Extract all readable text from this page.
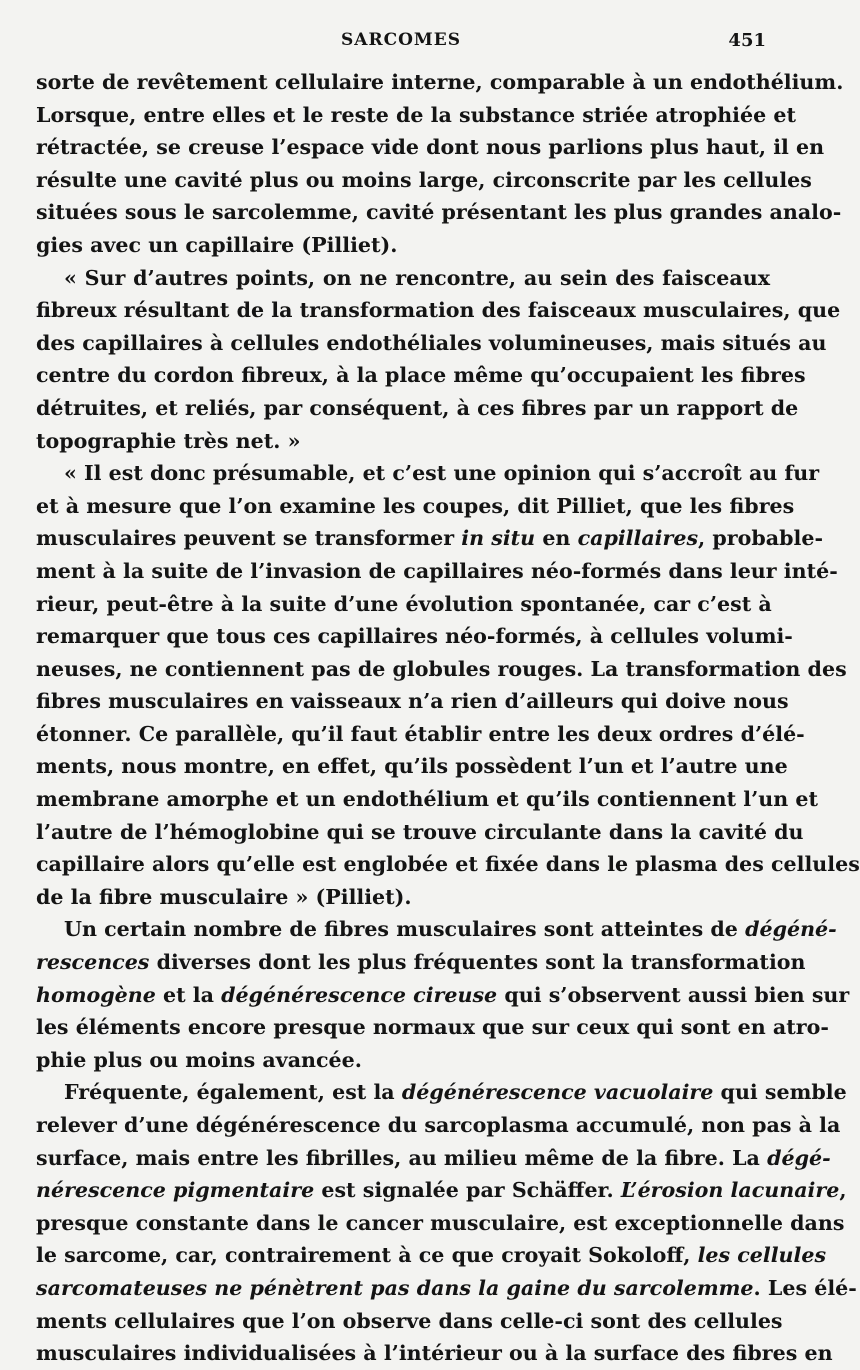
SARCOMES	451
sorte de revêtement cellulaire interne, comparable à un endothélium.
Lorsque, entre elles et le reste de la substance striée atrophiée et
rétractée, se creuse l’espace vide dont nous parlions plus haut, il en
résulte une cavité plus ou moins large, circonscrite par les cellules
situées sous le sarcolemme, cavité présentant les plus grandes analo-
gies avec un capillaire (Pilliet).
« Sur d’autres points, on ne rencontre, au sein des faisceaux
fibreux résultant de la transformation des faisceaux musculaires, que
des capillaires à cellules endothéliales volumineuses, mais situés au
centre du cordon fibreux, à la place même qu’occupaient les fibres
détruites, et reliés, par conséquent, à ces fibres par un rapport de
topographie très net. »
« Il est donc présumable, et c’est une opinion qui s’accroît au fur
et à mesure que l’on examine les coupes, dit Pilliet, que les fibres
musculaires peuvent se transformer in situ en capillaires, probable-
ment à la suite de l’invasion de capillaires néo-formés dans leur inté-
rieur, peut-être à la suite d’une évolution spontanée, car c’est à
remarquer que tous ces capillaires néo-formés, à cellules volumi-
neuses, ne contiennent pas de globules rouges. La transformation des
fibres musculaires en vaisseaux n’a rien d’ailleurs qui doive nous
étonner. Ce parallèle, qu’il faut établir entre les deux ordres d’élé-
ments, nous montre, en effet, qu’ils possèdent l’un et l’autre une
membrane amorphe et un endothélium et qu’ils contiennent l’un et
l’autre de l’hémoglobine qui se trouve circulante dans la cavité du
capillaire alors qu’elle est englobée et fixée dans le plasma des cellules
de la fibre musculaire » (Pilliet).
Un certain nombre de fibres musculaires sont atteintes de dégéné-
rescences diverses dont les plus fréquentes sont la transformation
homogène et la dégénérescence cireuse qui s’observent aussi bien sur
les éléments encore presque normaux que sur ceux qui sont en atro-
phie plus ou moins avancée.
Fréquente, également, est la dégénérescence vacuolaire qui semble
relever d’une dégénérescence du sarcoplasma accumulé, non pas à la
surface, mais entre les fibrilles, au milieu même de la fibre. La dégé-
nérescence pigmentaire est signalée par Schäffer. L’érosion lacunaire,
presque constante dans le cancer musculaire, est exceptionnelle dans
le sarcome, car, contrairement à ce que croyait Sokoloff, les cellules
sarcomateuses ne pénètrent pas dans la gaine du sarcolemme. Les élé-
ments cellulaires que l’on observe dans celle-ci sont des cellules
musculaires individualisées à l’intérieur ou à la surface des fibres en
